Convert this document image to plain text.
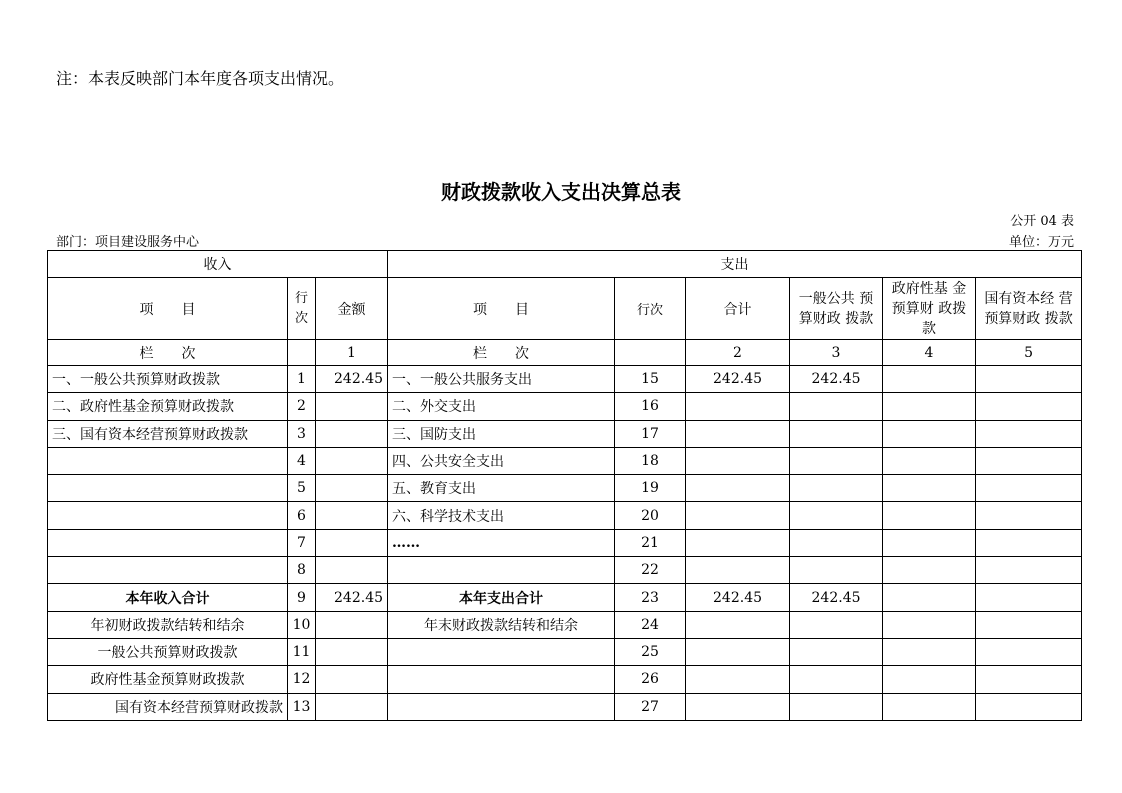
注：本表反映部门本年度各项支出情况。
财政拨款收入支出决算总表
公开 04 表
部门：项目建设服务中心	单位：万元
收入			支出					
项　　目	行 次	金额	项　　目	行次	合计	一般公共 预算财政 拨款	政府性基 金预算财 政拨款	国有资本经 营预算财政 拨款
栏　　次		1	栏　　次		2	3	4	5
一、一般公共预算财政拨款	1	242.45	一、一般公共服务支出	15	242.45	242.45		
二、政府性基金预算财政拨款	2		二、外交支出	16				
三、国有资本经营预算财政拨款	3		三、国防支出	17				
	4		四、公共安全支出	18				
	5		五、教育支出	19				
	6		六、科学技术支出	20				
	7		……	21				
	8			22				
本年收入合计	9	242.45	本年支出合计	23	242.45	242.45		
年初财政拨款结转和结余	10		年末财政拨款结转和结余	24				
一般公共预算财政拨款	11			25				
政府性基金预算财政拨款	12			26				
国有资本经营预算财政拨款	13			27				
